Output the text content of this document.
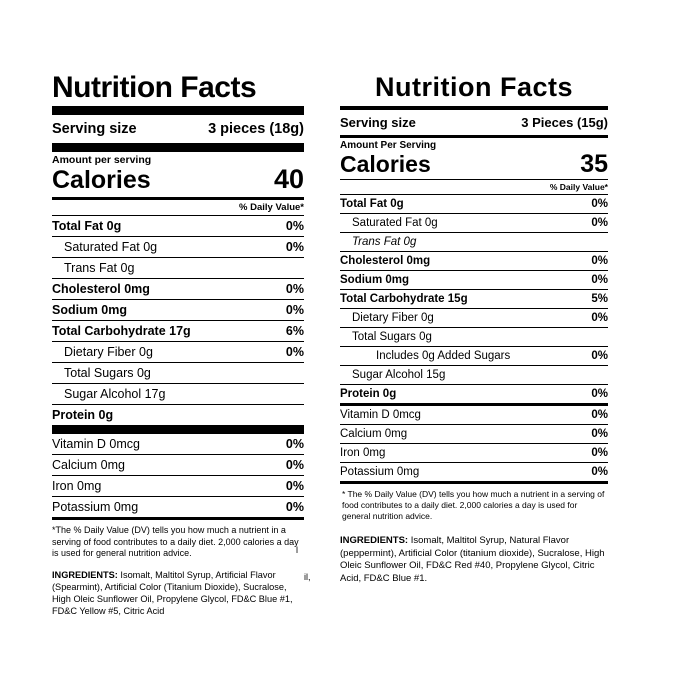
Nutrition Facts
Serving size	3 pieces (18g)
Amount per serving
Calories	40
% Daily Value*
Total Fat 0g	0%
Saturated Fat 0g	0%
Trans Fat 0g
Cholesterol 0mg	0%
Sodium 0mg	0%
Total Carbohydrate 17g	6%
Dietary Fiber 0g	0%
Total Sugars 0g
Sugar Alcohol 17g
Protein 0g
Vitamin D 0mcg	0%
Calcium 0mg	0%
Iron 0mg	0%
Potassium 0mg	0%
*The % Daily Value (DV) tells you how much a nutrient in a serving of food contributes to a daily diet. 2,000 calories a day is used for general nutrition advice.
INGREDIENTS: Isomalt, Maltitol Syrup, Artificial Flavor (Spearmint), Artificial Color (Titanium Dioxide), Sucralose, High Oleic Sunflower Oil, Propylene Glycol, FD&C Blue #1, FD&C Yellow #5, Citric Acid
l
il,
Nutrition Facts
Serving size	3 Pieces (15g)
Amount Per Serving
Calories	35
% Daily Value*
Total Fat 0g	0%
Saturated Fat 0g	0%
Trans Fat 0g
Cholesterol 0mg	0%
Sodium 0mg	0%
Total Carbohydrate 15g	5%
Dietary Fiber 0g	0%
Total Sugars 0g
Includes 0g Added Sugars	0%
Sugar Alcohol 15g
Protein 0g	0%
Vitamin D 0mcg	0%
Calcium 0mg	0%
Iron 0mg	0%
Potassium 0mg	0%
* The % Daily Value (DV) tells you how much a nutrient in a serving of food contributes to a daily diet. 2,000 calories a day is used for general nutrition advice.
INGREDIENTS: Isomalt, Maltitol Syrup, Natural Flavor (peppermint), Artificial Color (titanium dioxide), Sucralose, High Oleic Sunflower Oil, FD&C Red #40, Propylene Glycol, Citric Acid, FD&C Blue #1.
